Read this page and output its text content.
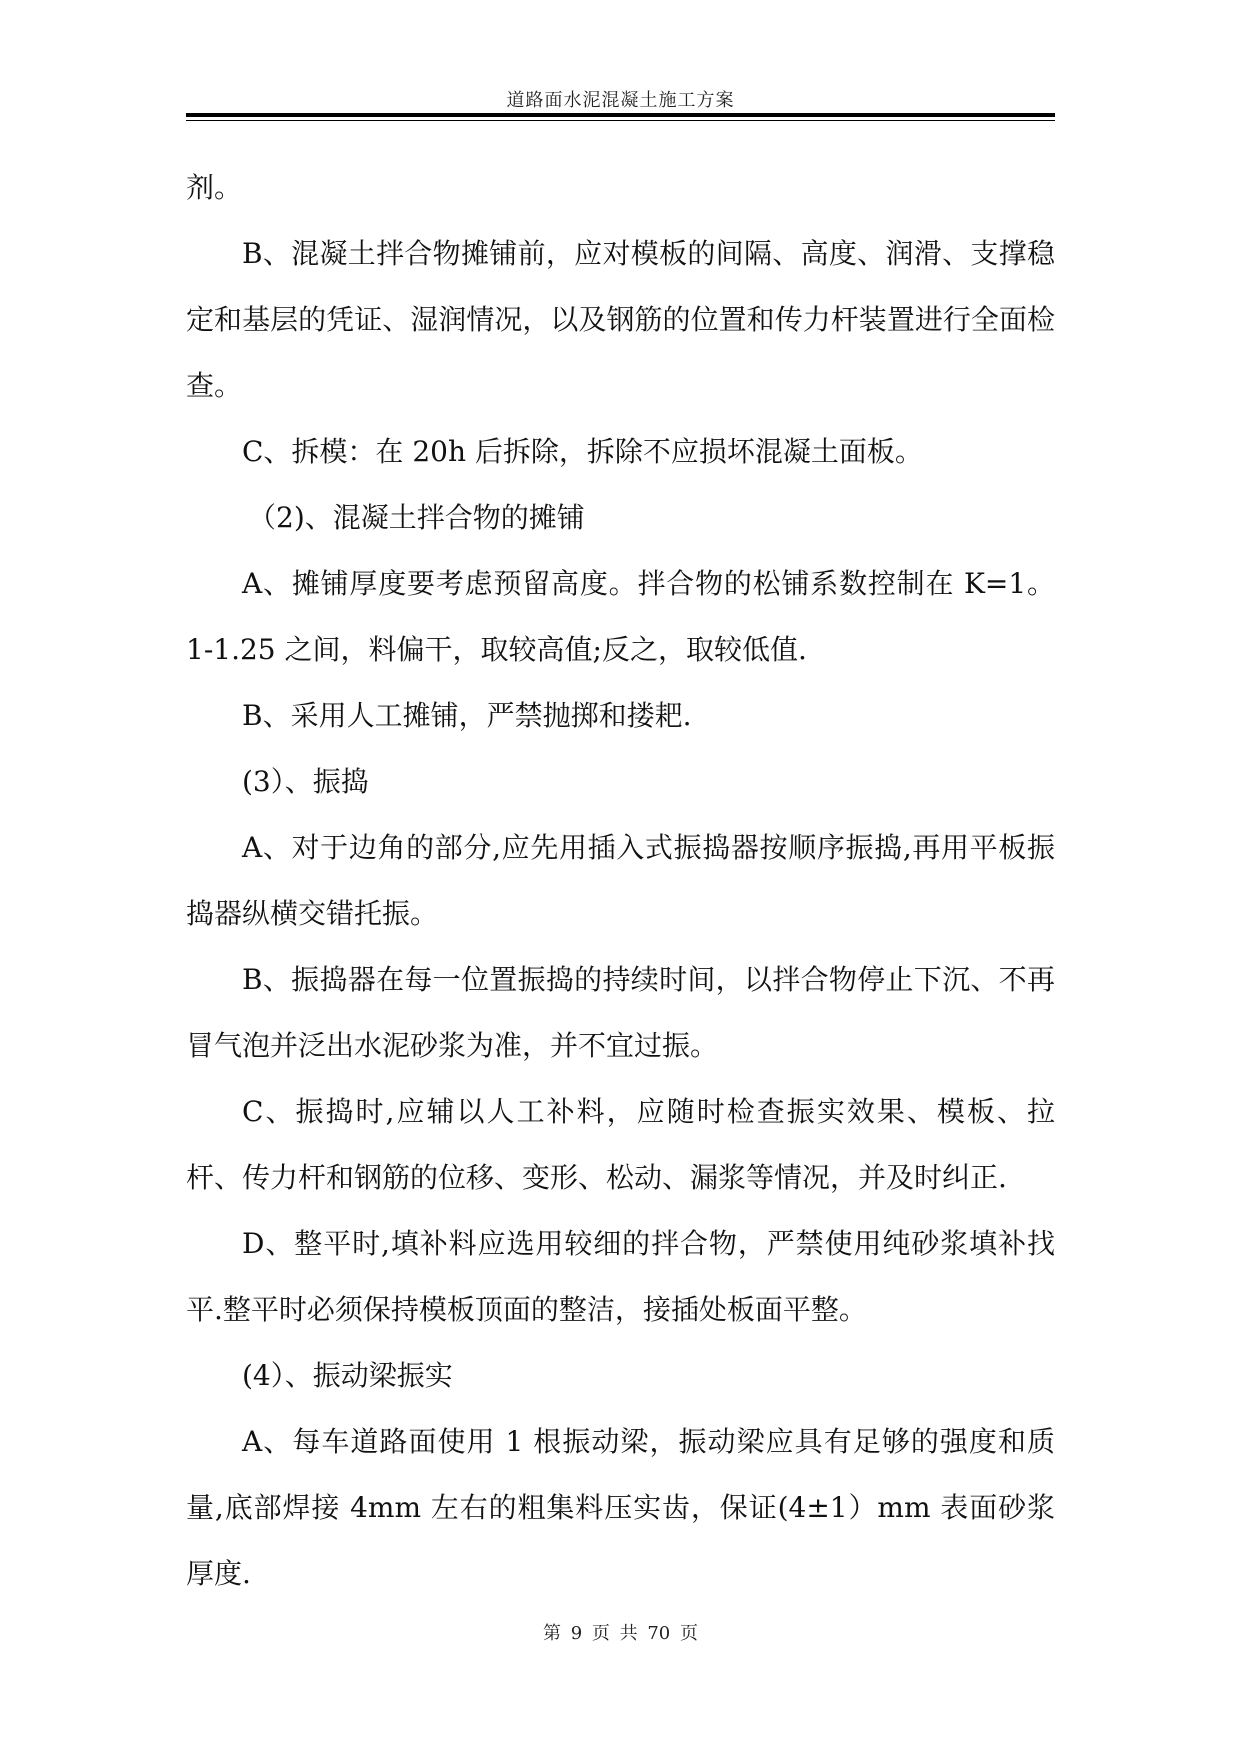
道路面水泥混凝土施工方案

剂。

B、混凝土拌合物摊铺前，应对模板的间隔、高度、润滑、支撑稳定和基层的凭证、湿润情况，以及钢筋的位置和传力杆装置进行全面检查。

C、拆模：在 20h 后拆除，拆除不应损坏混凝土面板。

（2)、混凝土拌合物的摊铺

A、摊铺厚度要考虑预留高度。拌合物的松铺系数控制在 K=1。1-1.25 之间，料偏干，取较高值;反之，取较低值.

B、采用人工摊铺，严禁抛掷和搂耙.

(3）、振捣

A、对于边角的部分,应先用插入式振捣器按顺序振捣,再用平板振捣器纵横交错托振。

B、振捣器在每一位置振捣的持续时间，以拌合物停止下沉、不再冒气泡并泛出水泥砂浆为准，并不宜过振。

C、振捣时,应辅以人工补料，应随时检查振实效果、模板、拉杆、传力杆和钢筋的位移、变形、松动、漏浆等情况，并及时纠正.

D、整平时,填补料应选用较细的拌合物，严禁使用纯砂浆填补找平.整平时必须保持模板顶面的整洁，接插处板面平整。

(4）、振动梁振实

A、每车道路面使用 1 根振动梁，振动梁应具有足够的强度和质量,底部焊接 4mm 左右的粗集料压实齿，保证(4±1）mm 表面砂浆厚度.

第 9 页 共 70 页
